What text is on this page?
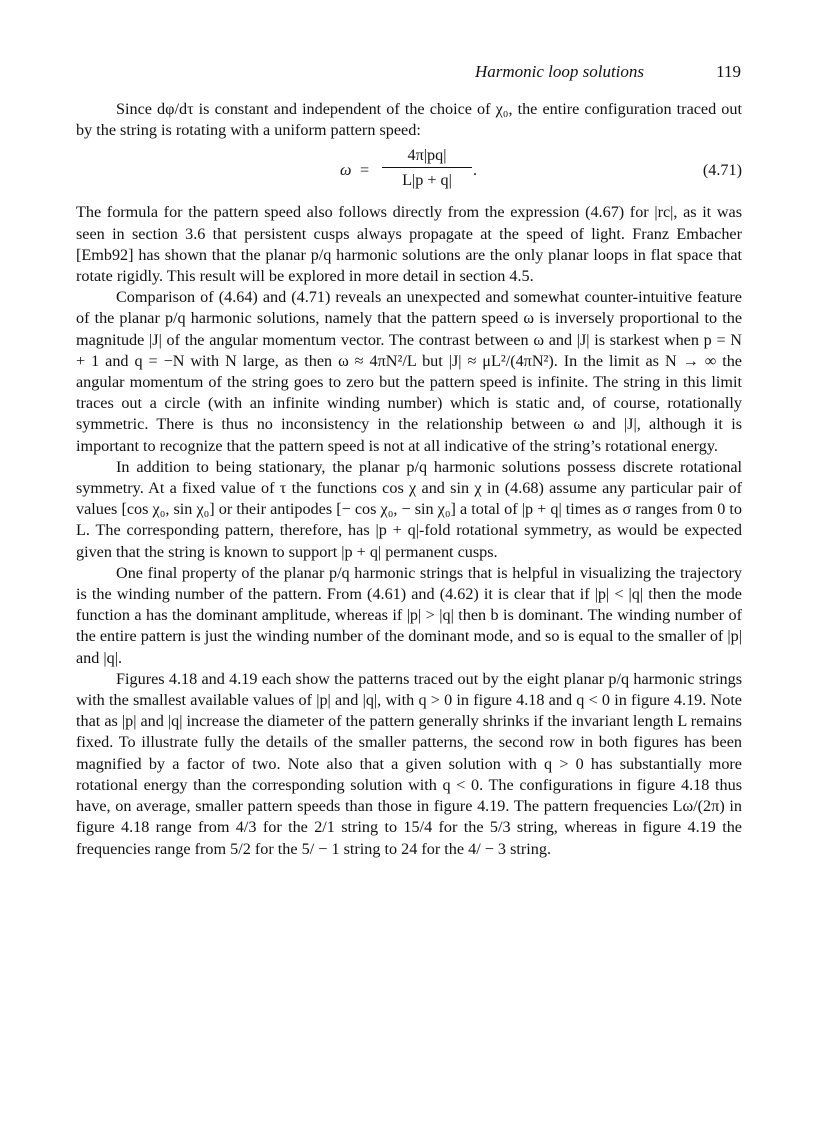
Harmonic loop solutions	119

Since dφ/dτ is constant and independent of the choice of χ₀, the entire configuration traced out by the string is rotating with a uniform pattern speed:

$\omega = \frac{4\pi|pq|}{L|p + q|}$ .	(4.71)

The formula for the pattern speed also follows directly from the expression (4.67) for |rc|, as it was seen in section 3.6 that persistent cusps always propagate at the speed of light. Franz Embacher [Emb92] has shown that the planar p/q harmonic solutions are the only planar loops in flat space that rotate rigidly. This result will be explored in more detail in section 4.5.

Comparison of (4.64) and (4.71) reveals an unexpected and somewhat counter-intuitive feature of the planar p/q harmonic solutions, namely that the pattern speed ω is inversely proportional to the magnitude |J| of the angular momentum vector. The contrast between ω and |J| is starkest when p = N + 1 and q = −N with N large, as then ω ≈ 4πN²/L but |J| ≈ μL²/(4πN²). In the limit as N → ∞ the angular momentum of the string goes to zero but the pattern speed is infinite. The string in this limit traces out a circle (with an infinite winding number) which is static and, of course, rotationally symmetric. There is thus no inconsistency in the relationship between ω and |J|, although it is important to recognize that the pattern speed is not at all indicative of the string’s rotational energy.

In addition to being stationary, the planar p/q harmonic solutions possess discrete rotational symmetry. At a fixed value of τ the functions cos χ and sin χ in (4.68) assume any particular pair of values [cos χ₀, sin χ₀] or their antipodes [− cos χ₀, − sin χ₀] a total of |p + q| times as σ ranges from 0 to L. The corresponding pattern, therefore, has |p + q|-fold rotational symmetry, as would be expected given that the string is known to support |p + q| permanent cusps.

One final property of the planar p/q harmonic strings that is helpful in visualizing the trajectory is the winding number of the pattern. From (4.61) and (4.62) it is clear that if |p| < |q| then the mode function a has the dominant amplitude, whereas if |p| > |q| then b is dominant. The winding number of the entire pattern is just the winding number of the dominant mode, and so is equal to the smaller of |p| and |q|.

Figures 4.18 and 4.19 each show the patterns traced out by the eight planar p/q harmonic strings with the smallest available values of |p| and |q|, with q > 0 in figure 4.18 and q < 0 in figure 4.19. Note that as |p| and |q| increase the diameter of the pattern generally shrinks if the invariant length L remains fixed. To illustrate fully the details of the smaller patterns, the second row in both figures has been magnified by a factor of two. Note also that a given solution with q > 0 has substantially more rotational energy than the corresponding solution with q < 0. The configurations in figure 4.18 thus have, on average, smaller pattern speeds than those in figure 4.19. The pattern frequencies Lω/(2π) in figure 4.18 range from 4/3 for the 2/1 string to 15/4 for the 5/3 string, whereas in figure 4.19 the frequencies range from 5/2 for the 5/ − 1 string to 24 for the 4/ − 3 string.
